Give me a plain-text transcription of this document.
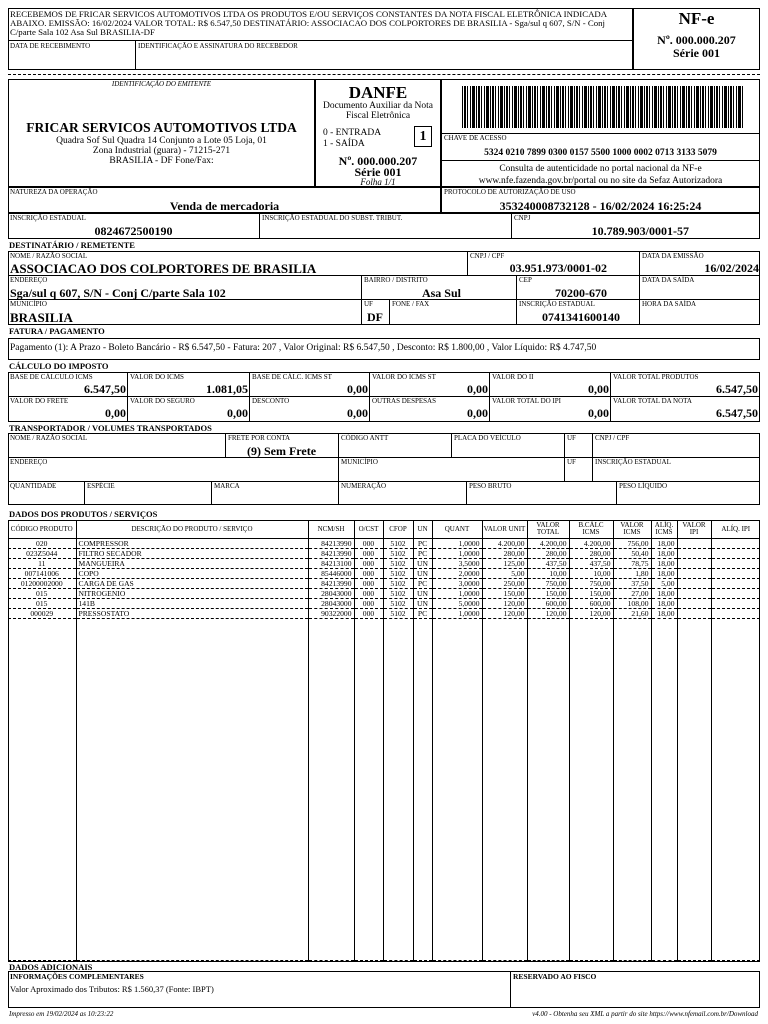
RECEBEMOS DE FRICAR SERVICOS AUTOMOTIVOS LTDA OS PRODUTOS E/OU SERVIÇOS CONSTANTES DA NOTA FISCAL ELETRÔNICA INDICADA ABAIXO. EMISSÃO: 16/02/2024 VALOR TOTAL: R$ 6.547,50 DESTINATÁRIO: ASSOCIACAO DOS COLPORTORES DE BRASILIA - Sga/sul q 607, S/N - Conj C/parte Sala 102 Asa Sul BRASILIA-DF
DATA DE RECEBIMENTO	IDENTIFICAÇÃO E ASSINATURA DO RECEBEDOR
NF-e
Nº. 000.000.207
Série 001
IDENTIFICAÇÃO DO EMITENTE
FRICAR SERVICOS AUTOMOTIVOS LTDA
Quadra Sof Sul Quadra 14 Conjunto a Lote 05 Loja, 01
Zona Industrial (guara) - 71215-271
BRASILIA - DF Fone/Fax:
DANFE
Documento Auxiliar da Nota
Fiscal Eletrônica
0 - ENTRADA
1 - SAÍDA	1
Nº. 000.000.207
Série 001
Folha 1/1
CHAVE DE ACESSO
5324 0210 7899 0300 0157 5500 1000 0002 0713 3133 5079
Consulta de autenticidade no portal nacional da NF-e
www.nfe.fazenda.gov.br/portal ou no site da Sefaz Autorizadora
NATUREZA DA OPERAÇÃO
Venda de mercadoria
PROTOCOLO DE AUTORIZAÇÃO DE USO
353240008732128 - 16/02/2024 16:25:24
INSCRIÇÃO ESTADUAL
0824672500190
INSCRIÇÃO ESTADUAL DO SUBST. TRIBUT.	CNPJ
10.789.903/0001-57
DESTINATÁRIO / REMETENTE
NOME / RAZÃO SOCIAL
ASSOCIACAO DOS COLPORTORES DE BRASILIA
CNPJ / CPF
03.951.973/0001-02
DATA DA EMISSÃO
16/02/2024
ENDEREÇO
Sga/sul q 607, S/N - Conj C/parte Sala 102
BAIRRO / DISTRITO
Asa Sul
CEP
70200-670
DATA DA SAÍDA
MUNICÍPIO
BRASILIA
UF
DF
FONE / FAX	INSCRIÇÃO ESTADUAL
0741341600140
HORA DA SAÍDA
FATURA / PAGAMENTO
Pagamento (1): A Prazo - Boleto Bancário - R$ 6.547,50 - Fatura: 207 , Valor Original: R$ 6.547,50 , Desconto: R$ 1.800,00 , Valor Líquido: R$ 4.747,50
CÁLCULO DO IMPOSTO
BASE DE CÁLCULO ICMS
6.547,50
VALOR DO ICMS
1.081,05
BASE DE CÁLC. ICMS ST
0,00
VALOR DO ICMS ST
0,00
VALOR DO II
0,00
VALOR TOTAL PRODUTOS
6.547,50
VALOR DO FRETE
0,00
VALOR DO SEGURO
0,00
DESCONTO
0,00
OUTRAS DESPESAS
0,00
VALOR TOTAL DO IPI
0,00
VALOR TOTAL DA NOTA
6.547,50
TRANSPORTADOR / VOLUMES TRANSPORTADOS
NOME / RAZÃO SOCIAL	FRETE POR CONTA
(9) Sem Frete
CÓDIGO ANTT	PLACA DO VEÍCULO	UF	CNPJ / CPF
ENDEREÇO	MUNICÍPIO	UF	INSCRIÇÃO ESTADUAL
QUANTIDADE	ESPÉCIE	MARCA	NUMERAÇÃO	PESO BRUTO	PESO LÍQUIDO
DADOS DOS PRODUTOS / SERVIÇOS
CÓDIGO PRODUTO	DESCRIÇÃO DO PRODUTO / SERVIÇO	NCM/SH	O/CST	CFOP	UN	QUANT	VALOR UNIT	VALOR TOTAL	B.CÁLC ICMS	VALOR ICMS	ALÍQ. ICMS	VALOR IPI	ALÍQ. IPI
020	COMPRESSOR	84213990	000	5102	PC	1,0000	4.200,00	4.200,00	4.200,00	756,00	18,00		
023Z5044	FILTRO SECADOR	84213990	000	5102	PC	1,0000	280,00	280,00	280,00	50,40	18,00		
11	MANGUEIRA	84213100	000	5102	UN	3,5000	125,00	437,50	437,50	78,75	18,00		
007141006	COPO	85446000	000	5102	UN	2,0000	5,00	10,00	10,00	1,80	18,00		
01200002000	CARGA DE GAS	84213990	000	5102	PC	3,0000	250,00	750,00	750,00	37,50	5,00		
015	NITROGENIO	28043000	000	5102	UN	1,0000	150,00	150,00	150,00	27,00	18,00		
015	141B	28043000	000	5102	UN	5,0000	120,00	600,00	600,00	108,00	18,00		
000029	PRESSOSTATO	90322000	000	5102	PC	1,0000	120,00	120,00	120,00	21,60	18,00		

DADOS ADICIONAIS
INFORMAÇÕES COMPLEMENTARES
Valor Aproximado dos Tributos: R$ 1.560,37 (Fonte: IBPT)
RESERVADO AO FISCO
Impresso em 19/02/2024 as 10:23:22	v4.00 - Obtenha seu XML a partir do site https://www.nfemail.com.br/Download
